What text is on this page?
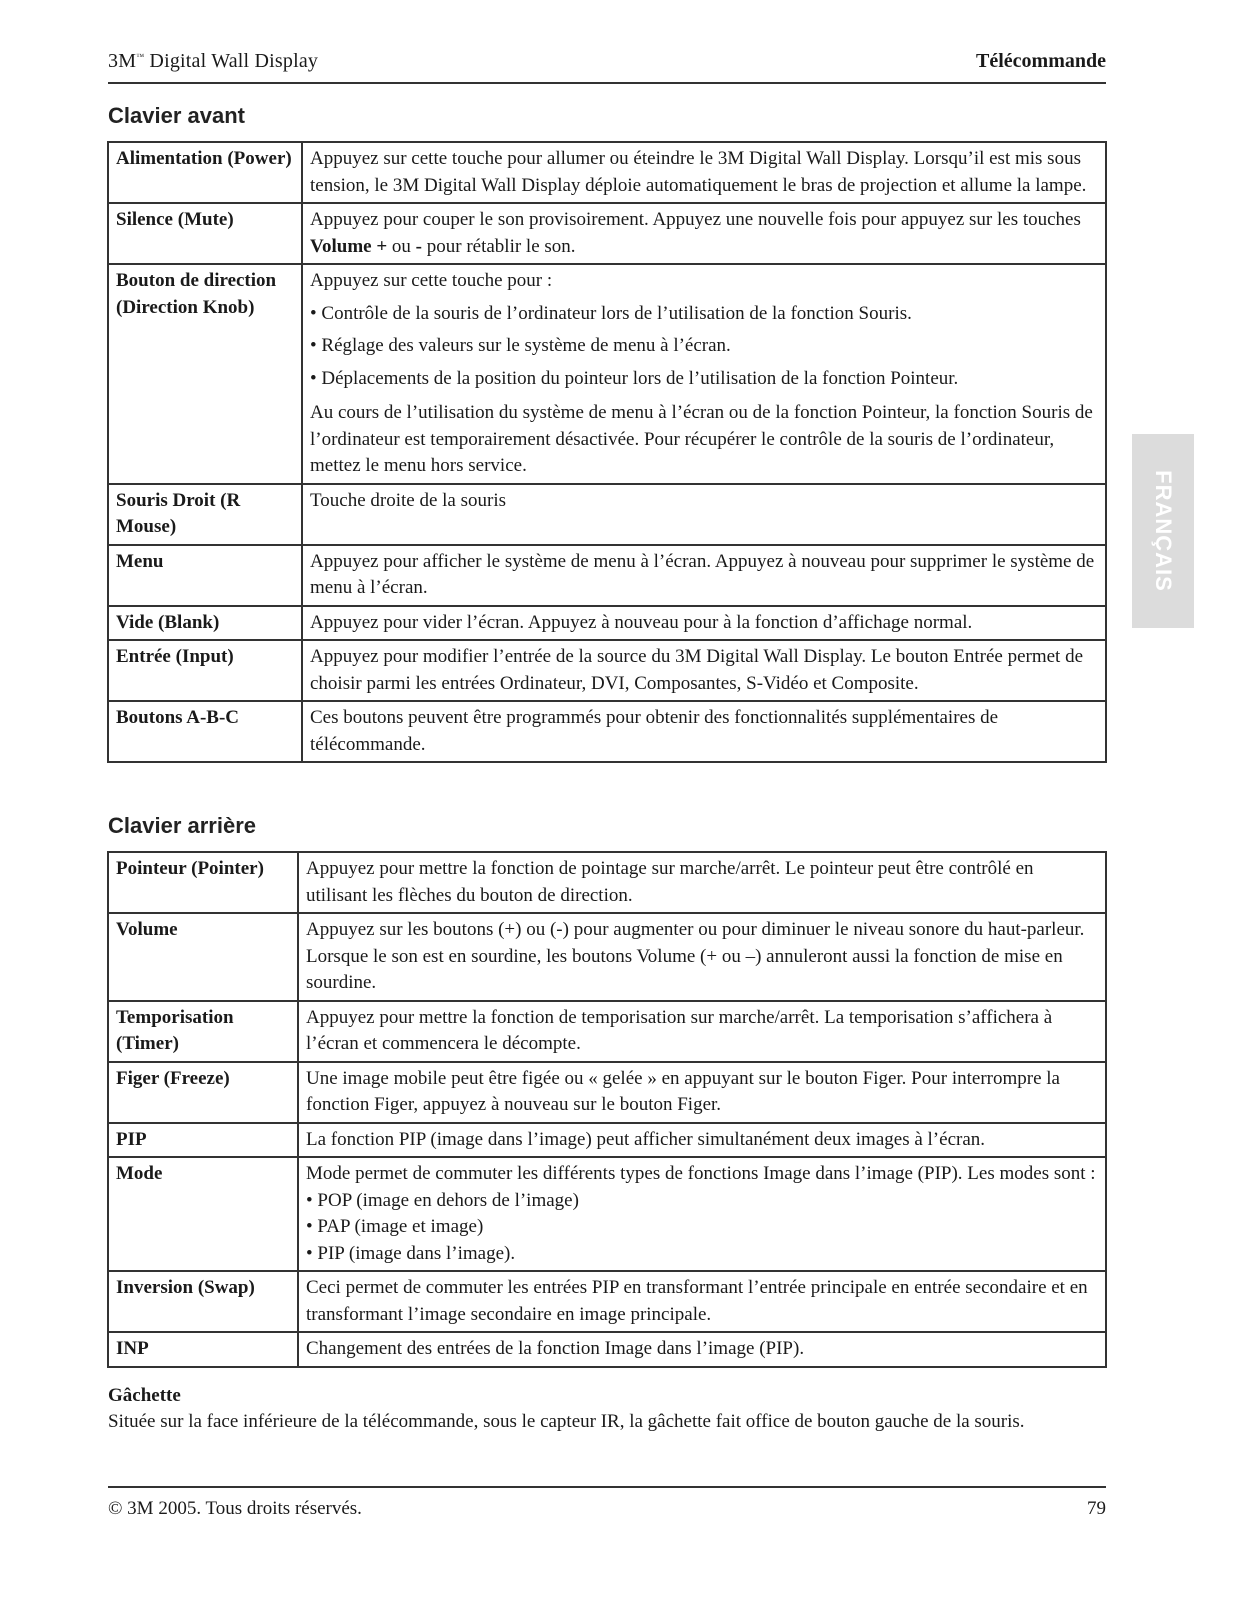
3M™ Digital Wall Display	Télécommande
FRANÇAIS
Clavier avant
Alimentation (Power)	Appuyez sur cette touche pour allumer ou éteindre le 3M Digital Wall Display. Lorsqu’il est mis sous tension, le 3M Digital Wall Display déploie automatiquement le bras de projection et allume la lampe.

Silence (Mute)	Appuyez pour couper le son provisoirement. Appuyez une nouvelle fois pour appuyez sur les touches Volume + ou - pour rétablir le son.

Bouton de direction (Direction Knob)	Appuyez sur cette touche pour :

• Contrôle de la souris de l’ordinateur lors de l’utilisation de la fonction Souris.

• Réglage des valeurs sur le système de menu à l’écran.

• Déplacements de la position du pointeur lors de l’utilisation de la fonction Pointeur.

Au cours de l’utilisation du système de menu à l’écran ou de la fonction Pointeur, la fonction Souris de l’ordinateur est temporairement désactivée. Pour récupérer le contrôle de la souris de l’ordinateur, mettez le menu hors service.

Souris Droit (R Mouse)	Touche droite de la souris

Menu	Appuyez pour afficher le système de menu à l’écran. Appuyez à nouveau pour supprimer le système de menu à l’écran.

Vide (Blank)	Appuyez pour vider l’écran. Appuyez à nouveau pour à la fonction d’affichage normal.

Entrée (Input)	Appuyez pour modifier l’entrée de la source du 3M Digital Wall Display. Le bouton Entrée permet de choisir parmi les entrées Ordinateur, DVI, Composantes, S-Vidéo et Composite.

Boutons A-B-C	Ces boutons peuvent être programmés pour obtenir des fonctionnalités supplémentaires de télécommande.

Clavier arrière
Pointeur (Pointer)	Appuyez pour mettre la fonction de pointage sur marche/arrêt. Le pointeur peut être contrôlé en utilisant les flèches du bouton de direction.

Volume	Appuyez sur les boutons (+) ou (-) pour augmenter ou pour diminuer le niveau sonore du haut-parleur. Lorsque le son est en sourdine, les boutons Volume (+ ou –) annuleront aussi la fonction de mise en sourdine.

Temporisation (Timer)	Appuyez pour mettre la fonction de temporisation sur marche/arrêt. La temporisation s’affichera à l’écran et commencera le décompte.

Figer (Freeze)	Une image mobile peut être figée ou « gelée » en appuyant sur le bouton Figer. Pour interrompre la fonction Figer, appuyez à nouveau sur le bouton Figer.

PIP	La fonction PIP (image dans l’image) peut afficher simultanément deux images à l’écran.

Mode	Mode permet de commuter les différents types de fonctions Image dans l’image (PIP). Les modes sont :

• POP (image en dehors de l’image)

• PAP (image et image)

• PIP (image dans l’image).

Inversion (Swap)	Ceci permet de commuter les entrées PIP en transformant l’entrée principale en entrée secondaire et en transformant l’image secondaire en image principale.

INP	Changement des entrées de la fonction Image dans l’image (PIP).

Gâchette
Située sur la face inférieure de la télécommande, sous le capteur IR, la gâchette fait office de bouton gauche de la souris.
© 3M 2005. Tous droits réservés.	79
